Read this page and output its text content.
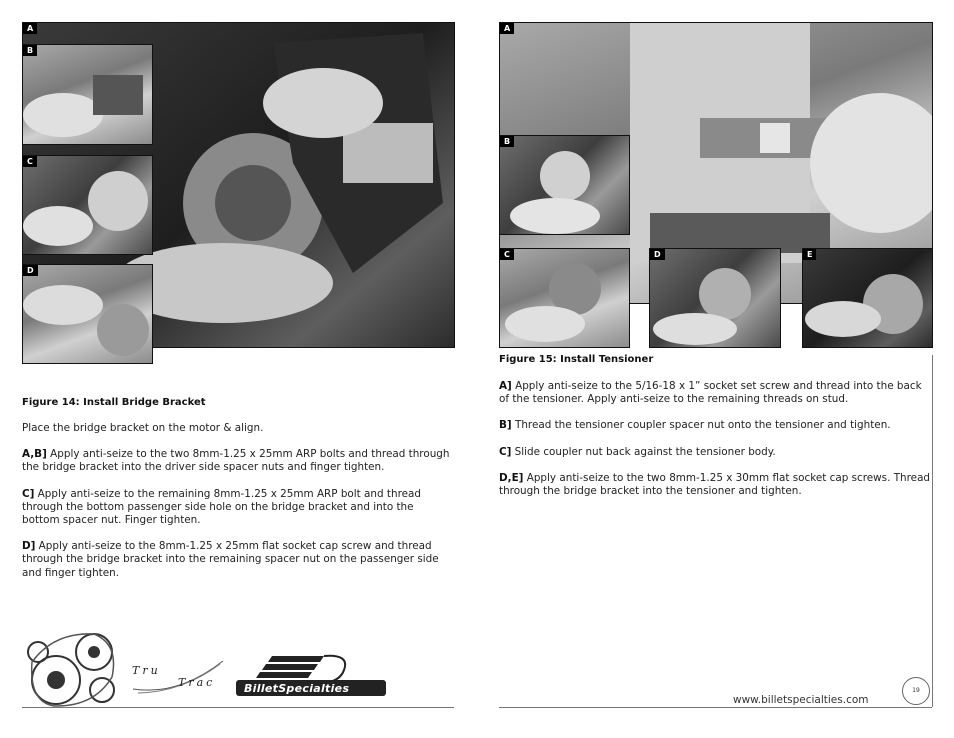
A
B
C
D
Figure 14: Install Bridge Bracket

Place the bridge bracket on the motor & align.

A,B] Apply anti-seize to the two 8mm-1.25 x 25mm ARP bolts and thread through the bridge bracket into the driver side spacer nuts and finger tighten.

C] Apply anti-seize to the remaining 8mm-1.25 x 25mm ARP bolt and thread through the bottom passenger side hole on the bridge bracket and into the bottom spacer nut. Finger tighten.

D] Apply anti-seize to the 8mm-1.25 x 25mm flat socket cap screw and thread through the bridge bracket into the remaining spacer nut on the passenger side and finger tighten.

A
B
C	D	E
Figure 15: Install Tensioner

A] Apply anti-seize to the 5/16-18 x 1” socket set screw and thread into the back of the tensioner. Apply anti-seize to the remaining threads on stud.

B] Thread the tensioner coupler spacer nut onto the tensioner and tighten.

C] Slide coupler nut back against the tensioner body.

D,E] Apply anti-seize to the two 8mm-1.25 x 30mm flat socket cap screws. Thread through the bridge bracket into the tensioner and tighten.

Tru
Trac	BilletSpecialties
www.billetspecialties.com
19
